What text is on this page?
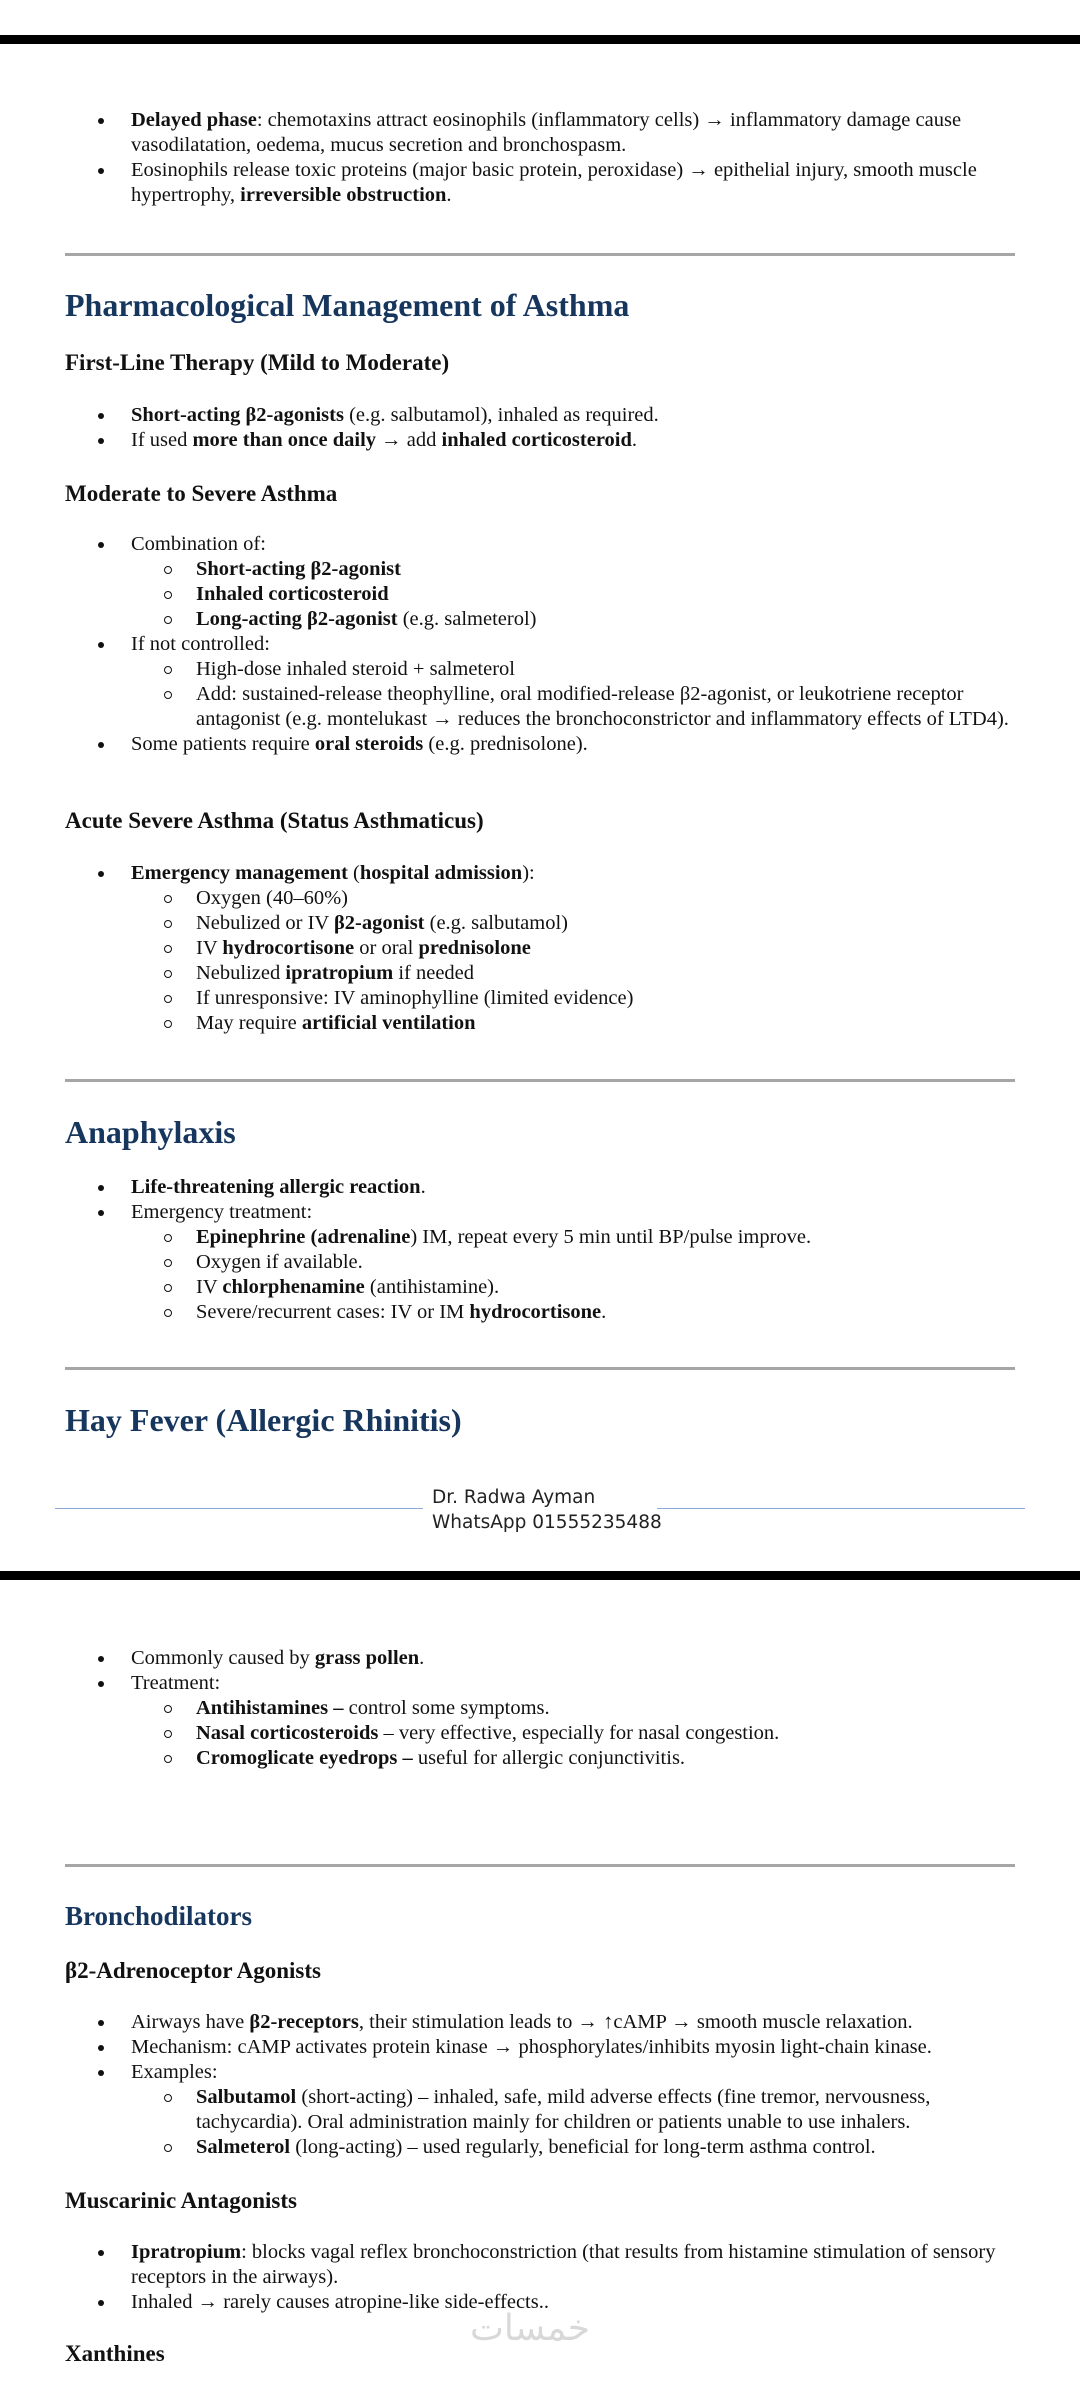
Delayed phase: chemotaxins attract eosinophils (inflammatory cells) → inflammatory damage cause vasodilatation, oedema, mucus secretion and bronchospasm.
Eosinophils release toxic proteins (major basic protein, peroxidase) → epithelial injury, smooth muscle hypertrophy, irreversible obstruction.
Pharmacological Management of Asthma
First-Line Therapy (Mild to Moderate)
Short-acting β2-agonists (e.g. salbutamol), inhaled as required.
If used more than once daily → add inhaled corticosteroid.
Moderate to Severe Asthma
Combination of:
Short-acting β2-agonist
Inhaled corticosteroid
Long-acting β2-agonist (e.g. salmeterol)
If not controlled:
High-dose inhaled steroid + salmeterol
Add: sustained-release theophylline, oral modified-release β2-agonist, or leukotriene receptor antagonist (e.g. montelukast → reduces the bronchoconstrictor and inflammatory effects of LTD4).
Some patients require oral steroids (e.g. prednisolone).
Acute Severe Asthma (Status Asthmaticus)
Emergency management (hospital admission):
Oxygen (40–60%)
Nebulized or IV β2-agonist (e.g. salbutamol)
IV hydrocortisone or oral prednisolone
Nebulized ipratropium if needed
If unresponsive: IV aminophylline (limited evidence)
May require artificial ventilation
Anaphylaxis
Life-threatening allergic reaction.
Emergency treatment:
Epinephrine (adrenaline) IM, repeat every 5 min until BP/pulse improve.
Oxygen if available.
IV chlorphenamine (antihistamine).
Severe/recurrent cases: IV or IM hydrocortisone.
Hay Fever (Allergic Rhinitis)
Dr. Radwa Ayman
WhatsApp 01555235488
Commonly caused by grass pollen.
Treatment:
Antihistamines – control some symptoms.
Nasal corticosteroids – very effective, especially for nasal congestion.
Cromoglicate eyedrops – useful for allergic conjunctivitis.
Bronchodilators
β2-Adrenoceptor Agonists
Airways have β2-receptors, their stimulation leads to → ↑cAMP → smooth muscle relaxation.
Mechanism: cAMP activates protein kinase → phosphorylates/inhibits myosin light-chain kinase.
Examples:
Salbutamol (short-acting) – inhaled, safe, mild adverse effects (fine tremor, nervousness, tachycardia). Oral administration mainly for children or patients unable to use inhalers.
Salmeterol (long-acting) – used regularly, beneficial for long-term asthma control.
Muscarinic Antagonists
Ipratropium: blocks vagal reflex bronchoconstriction (that results from histamine stimulation of sensory receptors in the airways).
Inhaled → rarely causes atropine-like side-effects..
Xanthines
خمسات
